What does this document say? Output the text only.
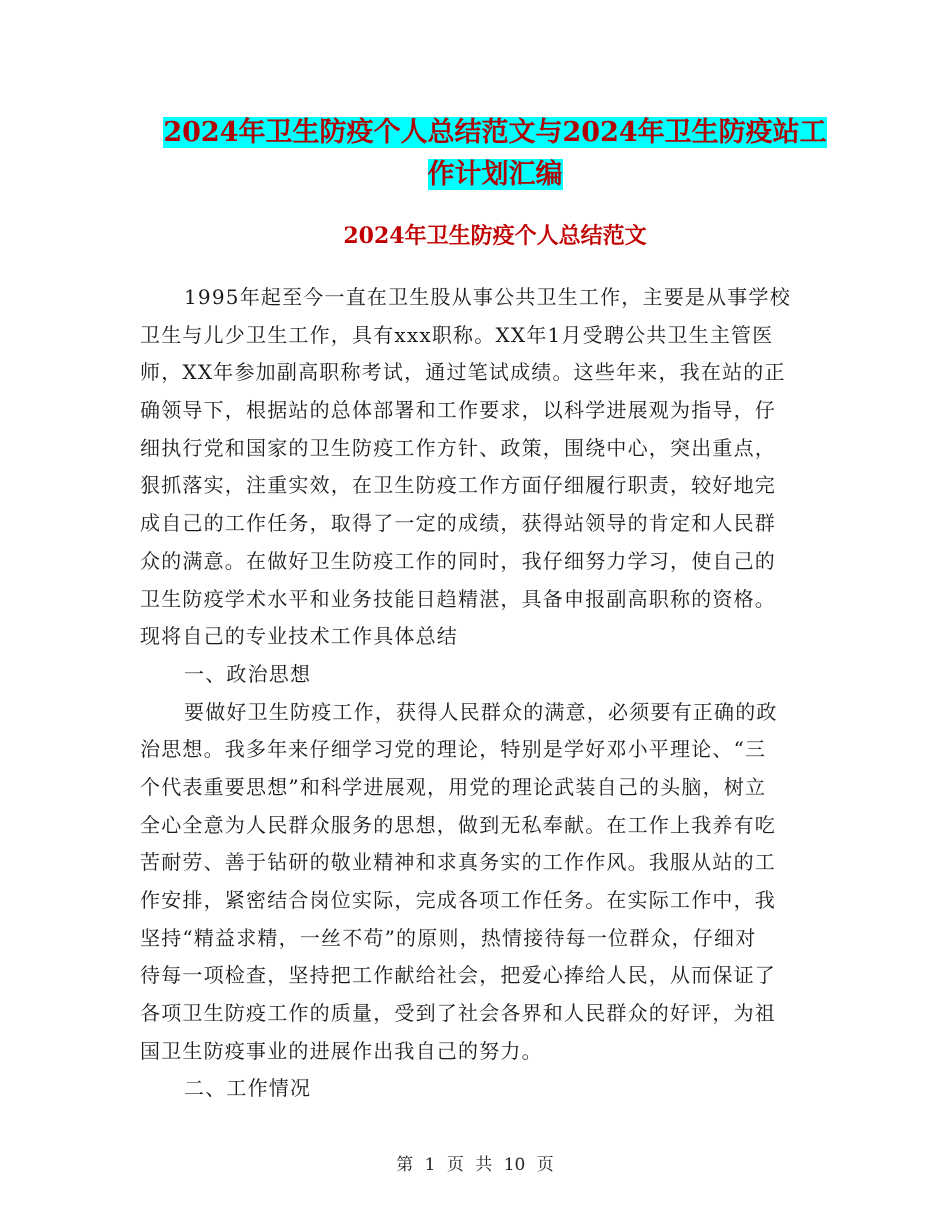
2024年卫生防疫个人总结范文与2024年卫生防疫站工
作计划汇编
2024年卫生防疫个人总结范文
1995年起至今一直在卫生股从事公共卫生工作，主要是从事学校
卫生与儿少卫生工作，具有xxx职称。XX年1月受聘公共卫生主管医
师，XX年参加副高职称考试，通过笔试成绩。这些年来，我在站的正
确领导下，根据站的总体部署和工作要求，以科学进展观为指导，仔
细执行党和国家的卫生防疫工作方针、政策，围绕中心，突出重点，
狠抓落实，注重实效，在卫生防疫工作方面仔细履行职责，较好地完
成自己的工作任务，取得了一定的成绩，获得站领导的肯定和人民群
众的满意。在做好卫生防疫工作的同时，我仔细努力学习，使自己的
卫生防疫学术水平和业务技能日趋精湛，具备申报副高职称的资格。
现将自己的专业技术工作具体总结
一、政治思想
要做好卫生防疫工作，获得人民群众的满意，必须要有正确的政
治思想。我多年来仔细学习党的理论，特别是学好邓小平理论、“三
个代表重要思想”和科学进展观，用党的理论武装自己的头脑，树立
全心全意为人民群众服务的思想，做到无私奉献。在工作上我养有吃
苦耐劳、善于钻研的敬业精神和求真务实的工作作风。我服从站的工
作安排，紧密结合岗位实际，完成各项工作任务。在实际工作中，我
坚持“精益求精，一丝不苟”的原则，热情接待每一位群众，仔细对
待每一项检查，坚持把工作献给社会，把爱心捧给人民，从而保证了
各项卫生防疫工作的质量，受到了社会各界和人民群众的好评，为祖
国卫生防疫事业的进展作出我自己的努力。
二、工作情况
第 1 页 共 10 页
